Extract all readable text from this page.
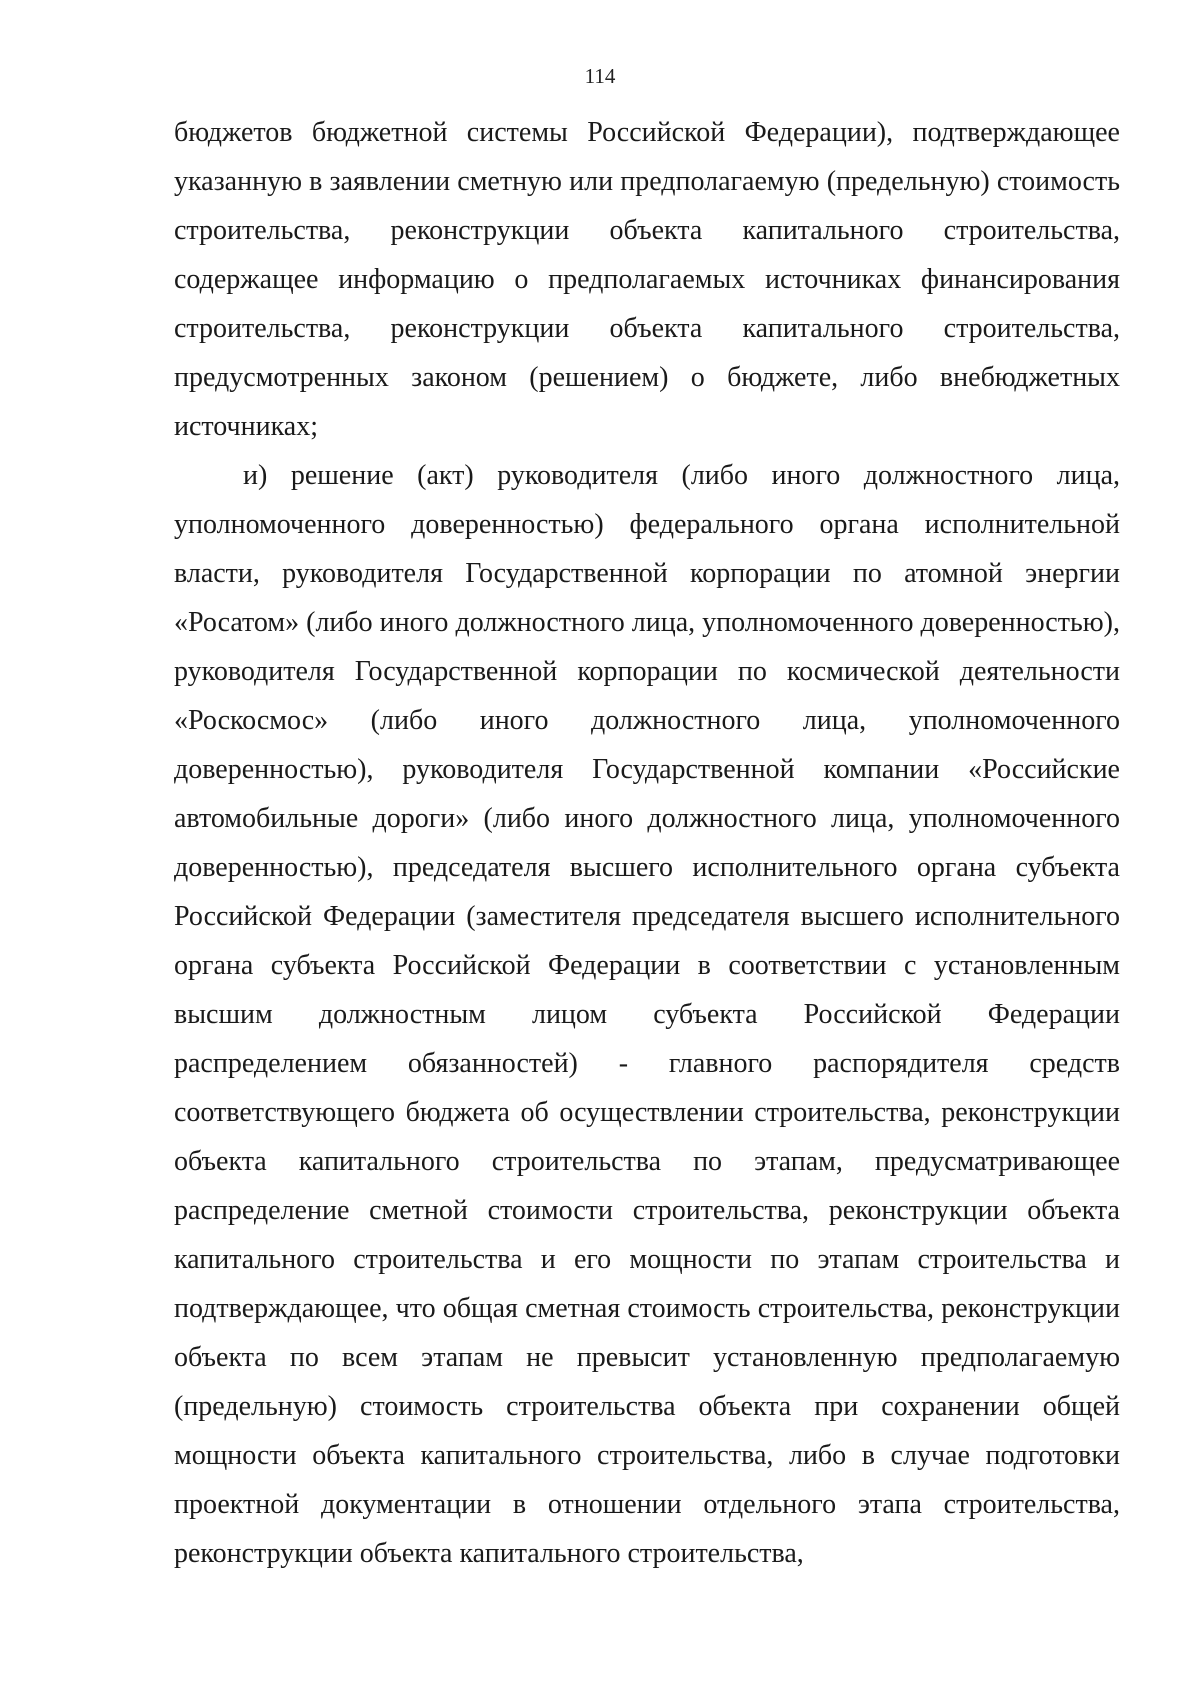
114

бюджетов бюджетной системы Российской Федерации), подтверждающее указанную в заявлении сметную или предполагаемую (предельную) стоимость строительства, реконструкции объекта капитального строительства, содержащее информацию о предполагаемых источниках финансирования строительства, реконструкции объекта капитального строительства, предусмотренных законом (решением) о бюджете, либо внебюджетных источниках;

и) решение (акт) руководителя (либо иного должностного лица, уполномоченного доверенностью) федерального органа исполнительной власти, руководителя Государственной корпорации по атомной энергии «Росатом» (либо иного должностного лица, уполномоченного доверенностью), руководителя Государственной корпорации по космической деятельности «Роскосмос» (либо иного должностного лица, уполномоченного доверенностью), руководителя Государственной компании «Российские автомобильные дороги» (либо иного должностного лица, уполномоченного доверенностью), председателя высшего исполнительного органа субъекта Российской Федерации (заместителя председателя высшего исполнительного органа субъекта Российской Федерации в соответствии с установленным высшим должностным лицом субъекта Российской Федерации распределением обязанностей) - главного распорядителя средств соответствующего бюджета об осуществлении строительства, реконструкции объекта капитального строительства по этапам, предусматривающее распределение сметной стоимости строительства, реконструкции объекта капитального строительства и его мощности по этапам строительства и подтверждающее, что общая сметная стоимость строительства, реконструкции объекта по всем этапам не превысит установленную предполагаемую (предельную) стоимость строительства объекта при сохранении общей мощности объекта капитального строительства, либо в случае подготовки проектной документации в отношении отдельного этапа строительства, реконструкции объекта капитального строительства,
